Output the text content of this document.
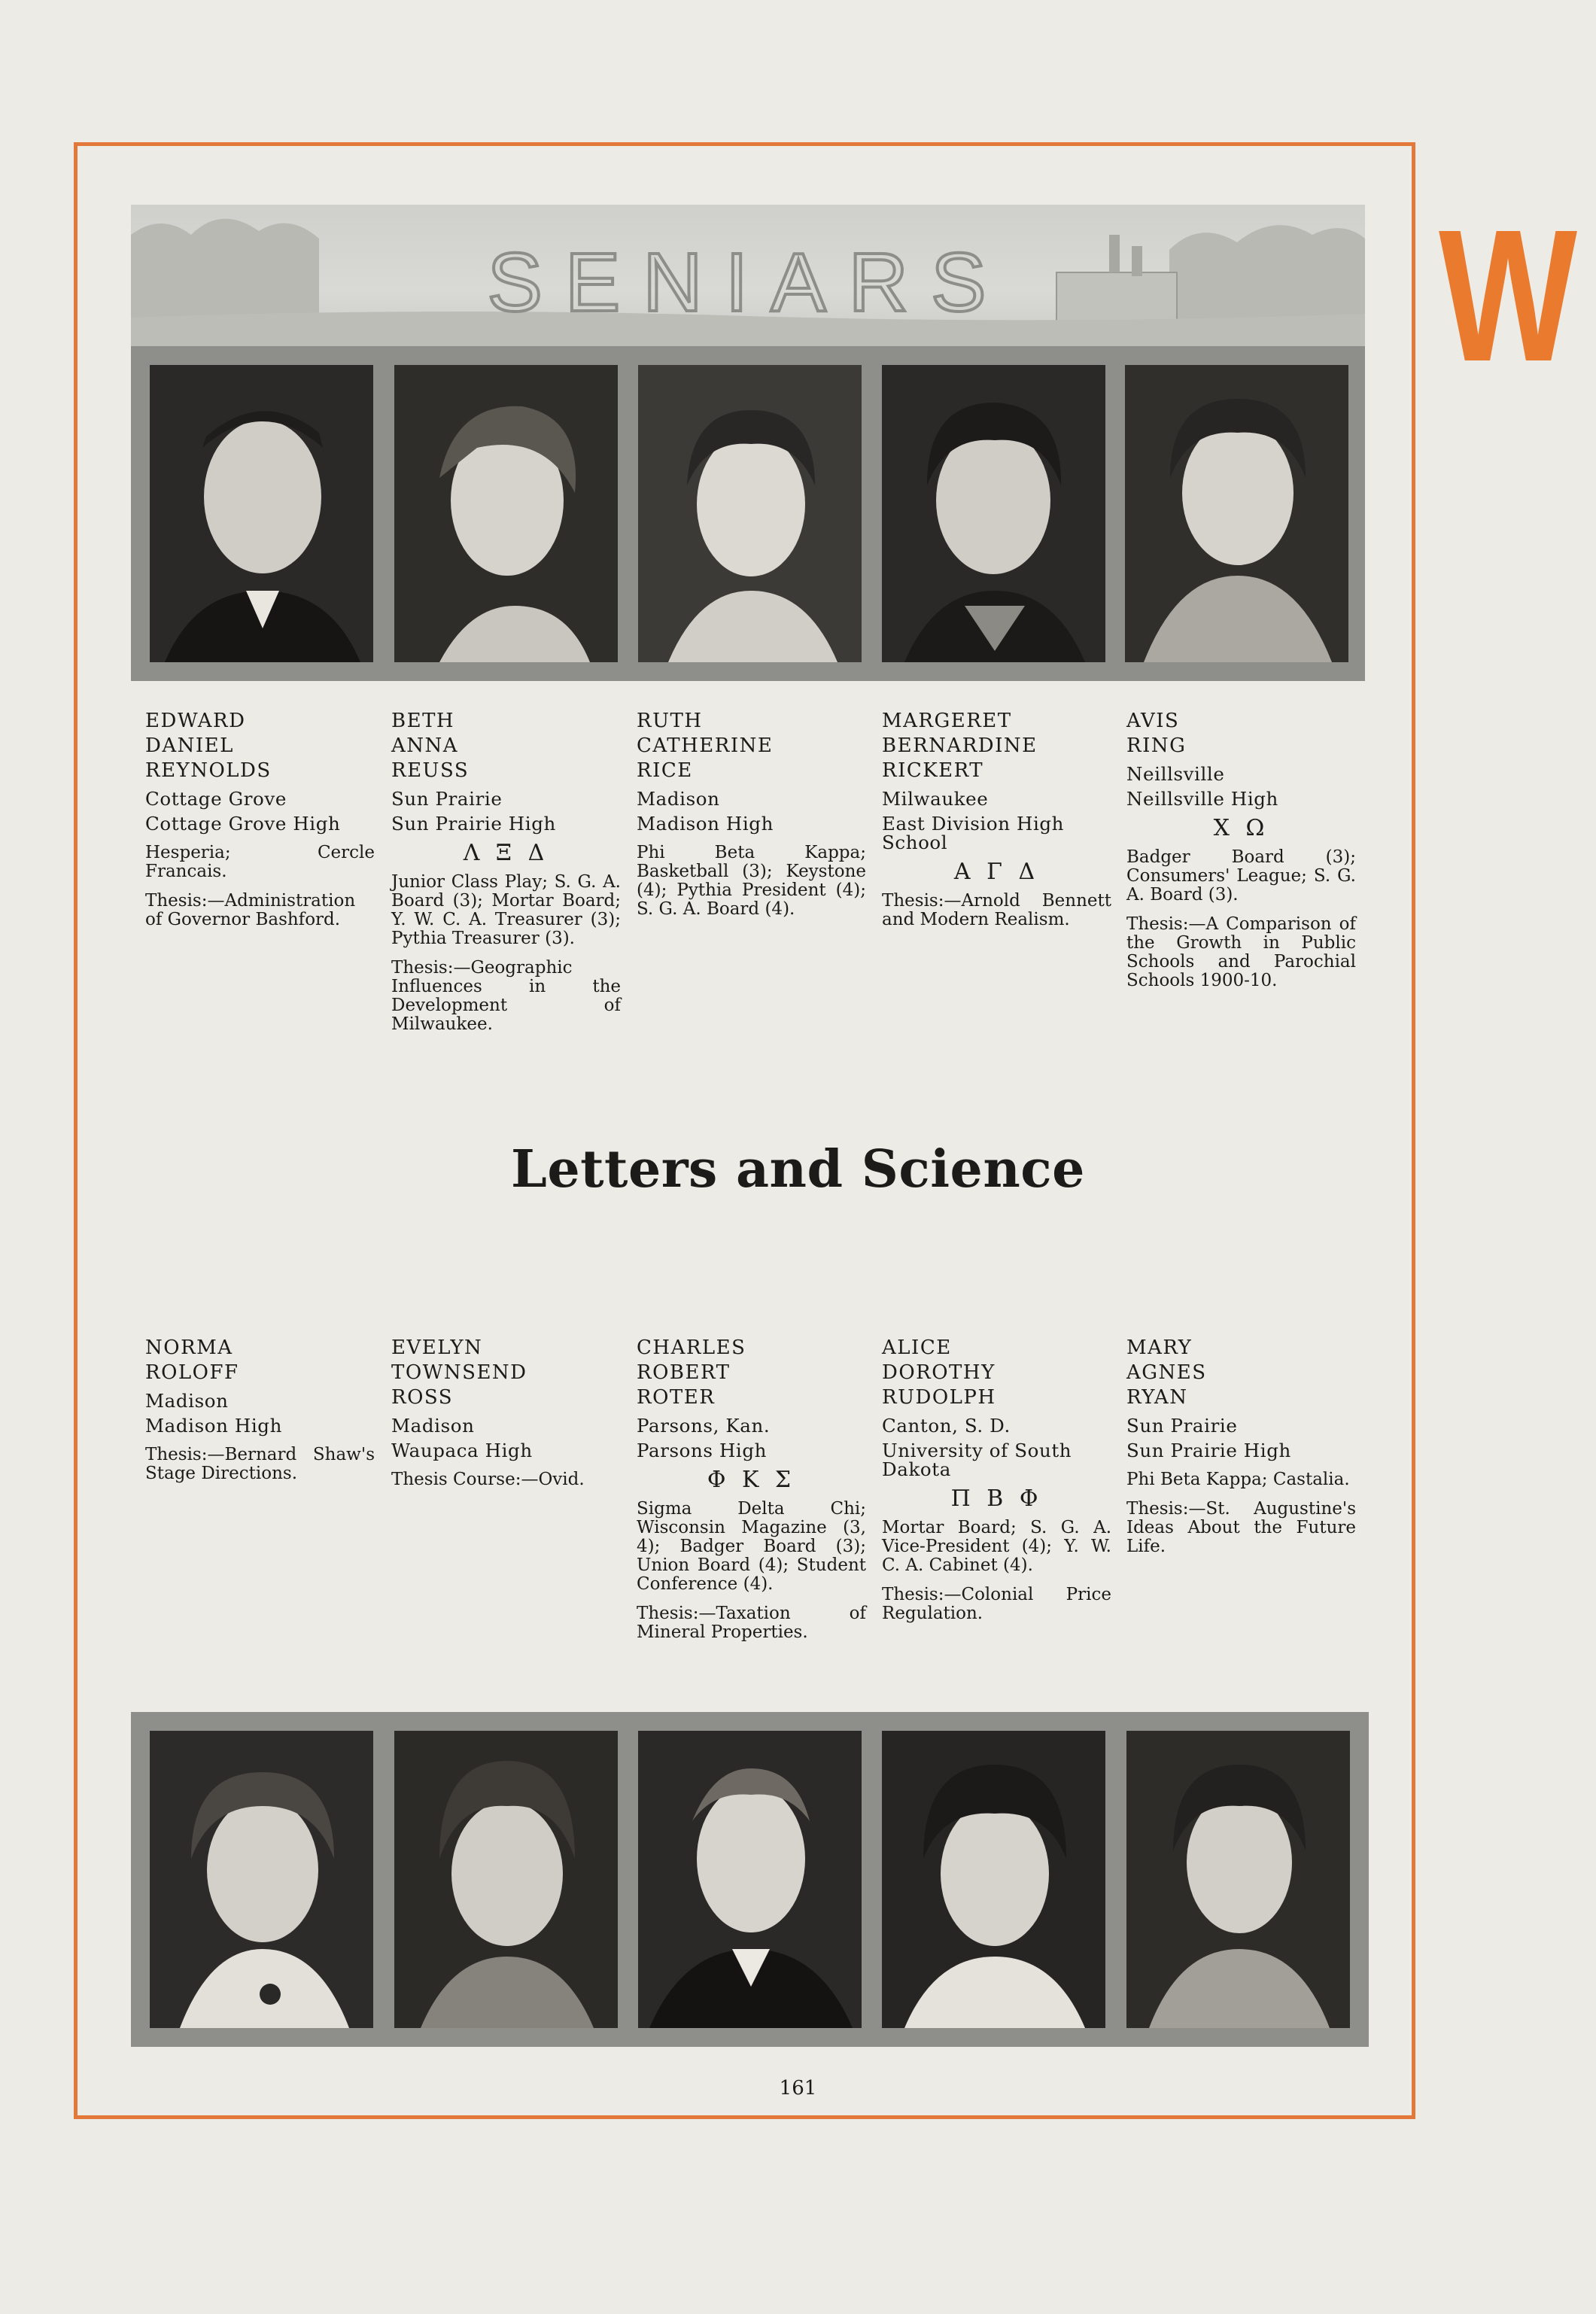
W
SENIARS

EDWARD

DANIEL

REYNOLDS

Cottage Grove

Cottage Grove High

Hesperia; Cercle Francais.

Thesis:—Administration of Governor Bashford.

BETH

ANNA

REUSS

Sun Prairie

Sun Prairie High

Λ Ξ Δ

Junior Class Play; S. G. A. Board (3); Mortar Board; Y. W. C. A. Treasurer (3); Pythia Treasurer (3).

Thesis:—Geographic Influences in the Development of Milwaukee.

RUTH

CATHERINE

RICE

Madison

Madison High

Phi Beta Kappa; Basketball (3); Keystone (4); Pythia President (4); S. G. A. Board (4).

MARGERET

BERNARDINE

RICKERT

Milwaukee

East Division High School

Α Γ Δ

Thesis:—Arnold Bennett and Modern Realism.

AVIS

RING

Neillsville

Neillsville High

Χ Ω

Badger Board (3); Consumers' League; S. G. A. Board (3).

Thesis:—A Comparison of the Growth in Public Schools and Parochial Schools 1900-10.

Letters and Science

NORMA

ROLOFF

Madison

Madison High

Thesis:—Bernard Shaw's Stage Directions.

EVELYN

TOWNSEND

ROSS

Madison

Waupaca High

Thesis Course:—Ovid.

CHARLES

ROBERT

ROTER

Parsons, Kan.

Parsons High

Φ Κ Σ

Sigma Delta Chi; Wisconsin Magazine (3, 4); Badger Board (3); Union Board (4); Student Conference (4).

Thesis:—Taxation of Mineral Properties.

ALICE

DOROTHY

RUDOLPH

Canton, S. D.

University of South Dakota

Π Β Φ

Mortar Board; S. G. A. Vice-President (4); Y. W. C. A. Cabinet (4).

Thesis:—Colonial Price Regulation.

MARY

AGNES

RYAN

Sun Prairie

Sun Prairie High

Phi Beta Kappa; Castalia.

Thesis:—St. Augustine's Ideas About the Future Life.

161
